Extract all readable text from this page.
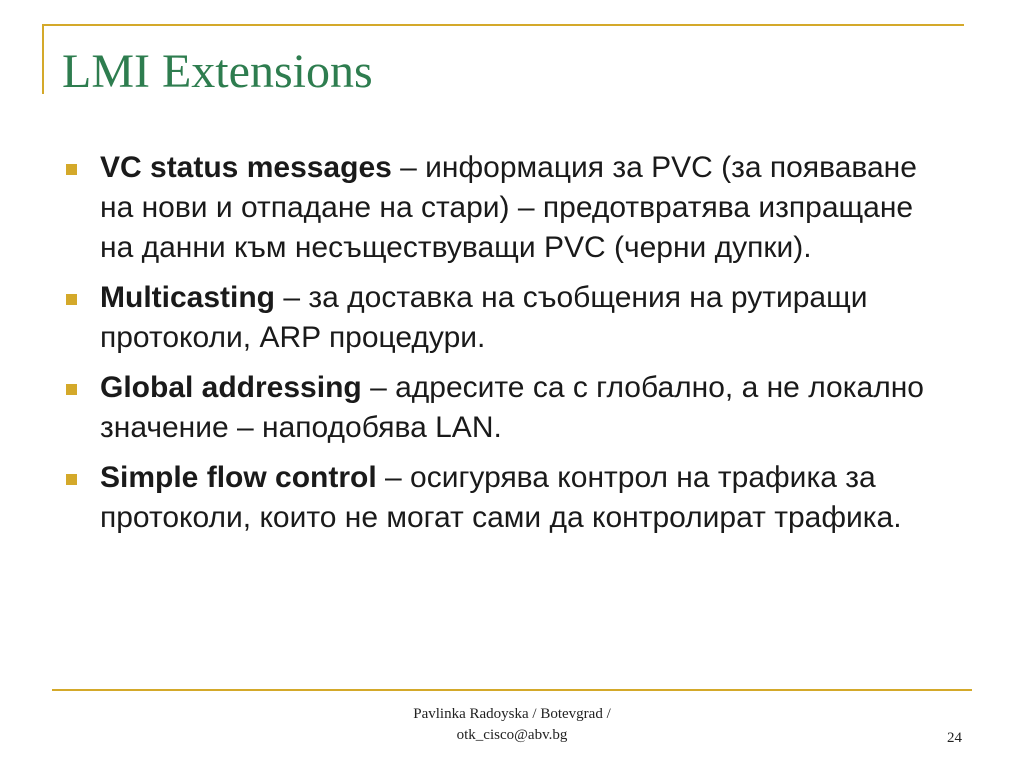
LMI Extensions
VC status messages – информация за PVC (за появаване на нови и отпадане на стари) – предотвратява изпращане на данни към несъществуващи PVC (черни дупки).
Multicasting – за доставка на съобщения на рутиращи протоколи, ARP процедури.
Global addressing – адресите са с глобално, а не локално значение – наподобява LAN.
Simple flow control – осигурява контрол на трафика за протоколи, които не могат сами да контролират трафика.
Pavlinka Radoyska / Botevgrad /
otk_cisco@abv.bg	24
